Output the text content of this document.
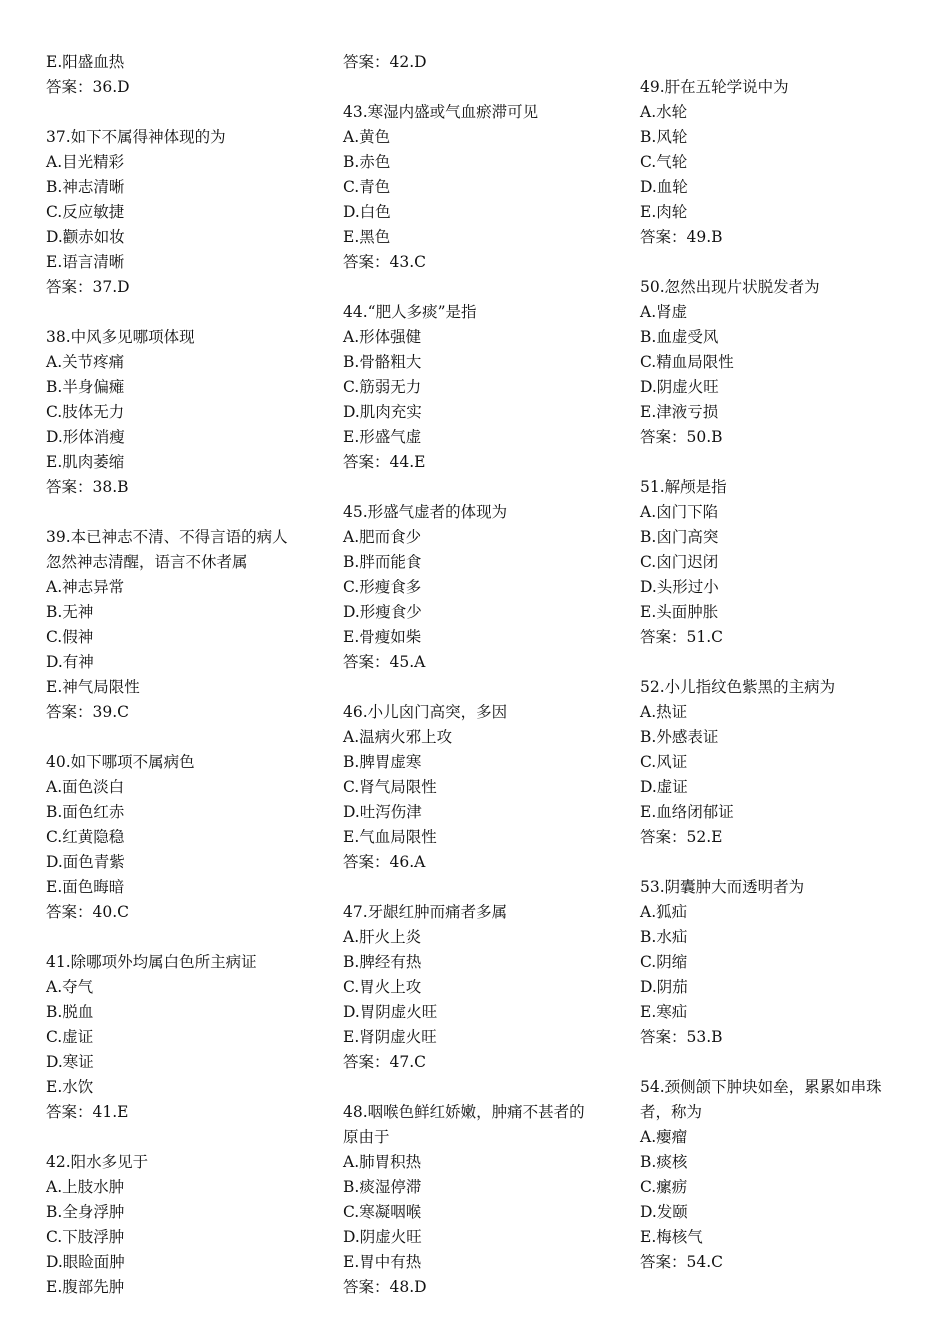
E.阳盛血热
答案：36.D
37.如下不属得神体现的为
A.目光精彩
B.神志清晰
C.反应敏捷
D.颧赤如妆
E.语言清晰
答案：37.D
38.中风多见哪项体现
A.关节疼痛
B.半身偏瘫
C.肢体无力
D.形体消瘦
E.肌肉萎缩
答案：38.B
39.本已神志不清、不得言语的病人
忽然神志清醒，语言不休者属
A.神志异常
B.无神
C.假神
D.有神
E.神气局限性
答案：39.C
40.如下哪项不属病色
A.面色淡白
B.面色红赤
C.红黄隐稳
D.面色青紫
E.面色晦暗
答案：40.C
41.除哪项外均属白色所主病证
A.夺气
B.脱血
C.虚证
D.寒证
E.水饮
答案：41.E
42.阳水多见于
A.上肢水肿
B.全身浮肿
C.下肢浮肿
D.眼睑面肿
E.腹部先肿
答案：42.D
43.寒湿内盛或气血瘀滞可见
A.黄色
B.赤色
C.青色
D.白色
E.黑色
答案：43.C
44.“肥人多痰”是指
A.形体强健
B.骨骼粗大
C.筋弱无力
D.肌肉充实
E.形盛气虚
答案：44.E
45.形盛气虚者的体现为
A.肥而食少
B.胖而能食
C.形瘦食多
D.形瘦食少
E.骨瘦如柴
答案：45.A
46.小儿囟门高突，多因
A.温病火邪上攻
B.脾胃虚寒
C.肾气局限性
D.吐泻伤津
E.气血局限性
答案：46.A
47.牙龈红肿而痛者多属
A.肝火上炎
B.脾经有热
C.胃火上攻
D.胃阴虚火旺
E.肾阴虚火旺
答案：47.C
48.咽喉色鲜红娇嫩，肿痛不甚者的
原由于
A.肺胃积热
B.痰湿停滞
C.寒凝咽喉
D.阴虚火旺
E.胃中有热
答案：48.D
49.肝在五轮学说中为
A.水轮
B.风轮
C.气轮
D.血轮
E.肉轮
答案：49.B
50.忽然出现片状脱发者为
A.肾虚
B.血虚受风
C.精血局限性
D.阴虚火旺
E.津液亏损
答案：50.B
51.解颅是指
A.囟门下陷
B.囟门高突
C.囟门迟闭
D.头形过小
E.头面肿胀
答案：51.C
52.小儿指纹色紫黑的主病为
A.热证
B.外感表证
C.风证
D.虚证
E.血络闭郁证
答案：52.E
53.阴囊肿大而透明者为
A.狐疝
B.水疝
C.阴缩
D.阴茄
E.寒疝
答案：53.B
54.颈侧颌下肿块如垒，累累如串珠
者，称为
A.瘿瘤
B.痰核
C.瘰疬
D.发颐
E.梅核气
答案：54.C
